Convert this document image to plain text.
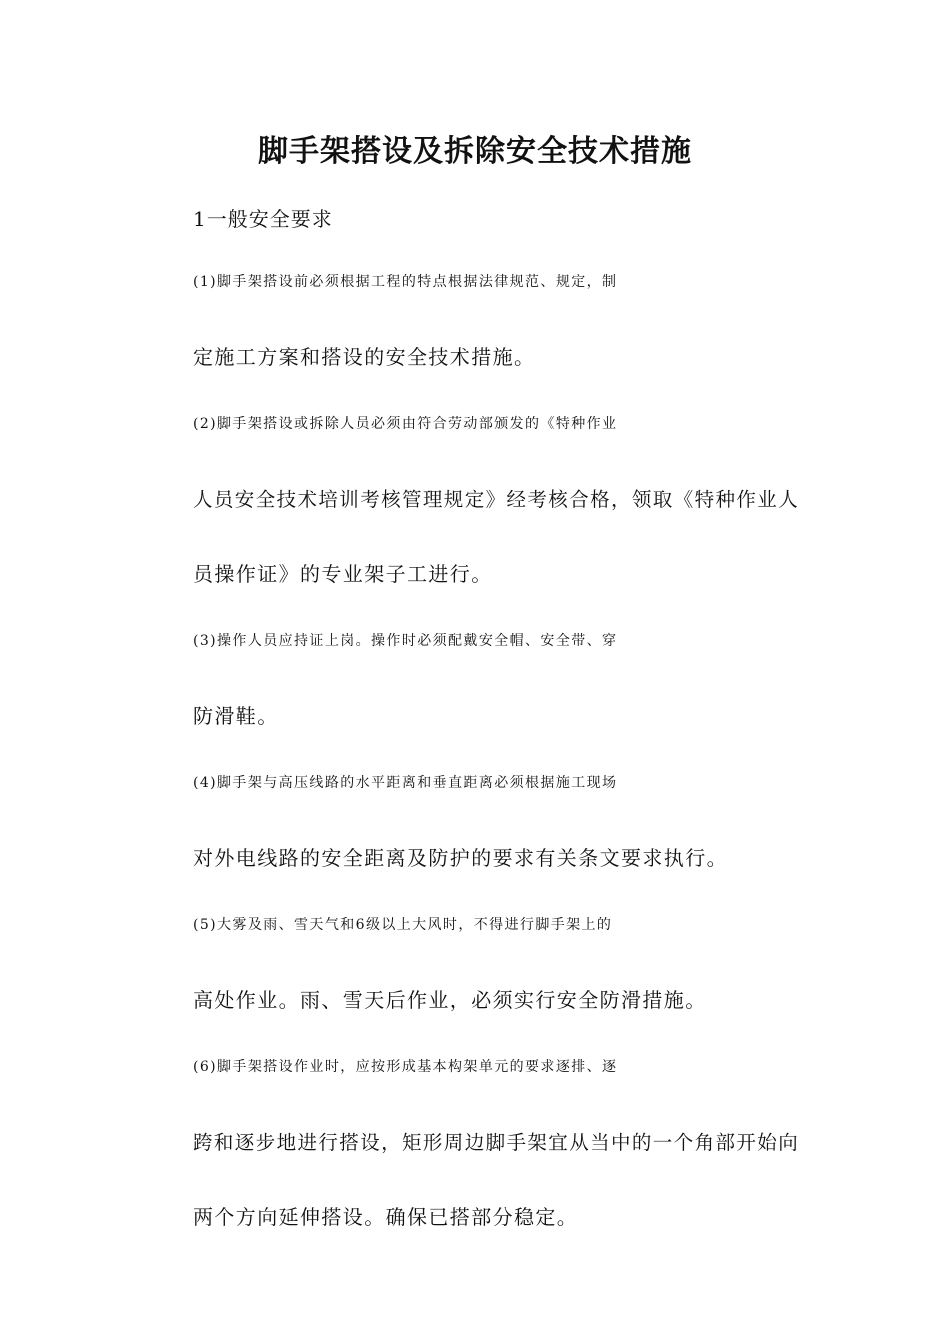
脚手架搭设及拆除安全技术措施

1一般安全要求

(1)脚手架搭设前必须根据工程的特点根据法律规范、规定，制
定施工方案和搭设的安全技术措施。

(2)脚手架搭设或拆除人员必须由符合劳动部颁发的《特种作业
人员安全技术培训考核管理规定》经考核合格，领取《特种作业人
员操作证》的专业架子工进行。

(3)操作人员应持证上岗。操作时必须配戴安全帽、安全带、穿
防滑鞋。

(4)脚手架与高压线路的水平距离和垂直距离必须根据施工现场
对外电线路的安全距离及防护的要求有关条文要求执行。

(5)大雾及雨、雪天气和6级以上大风时，不得进行脚手架上的
高处作业。雨、雪天后作业，必须实行安全防滑措施。

(6)脚手架搭设作业时，应按形成基本构架单元的要求逐排、逐
跨和逐步地进行搭设，矩形周边脚手架宜从当中的一个角部开始向
两个方向延伸搭设。确保已搭部分稳定。
